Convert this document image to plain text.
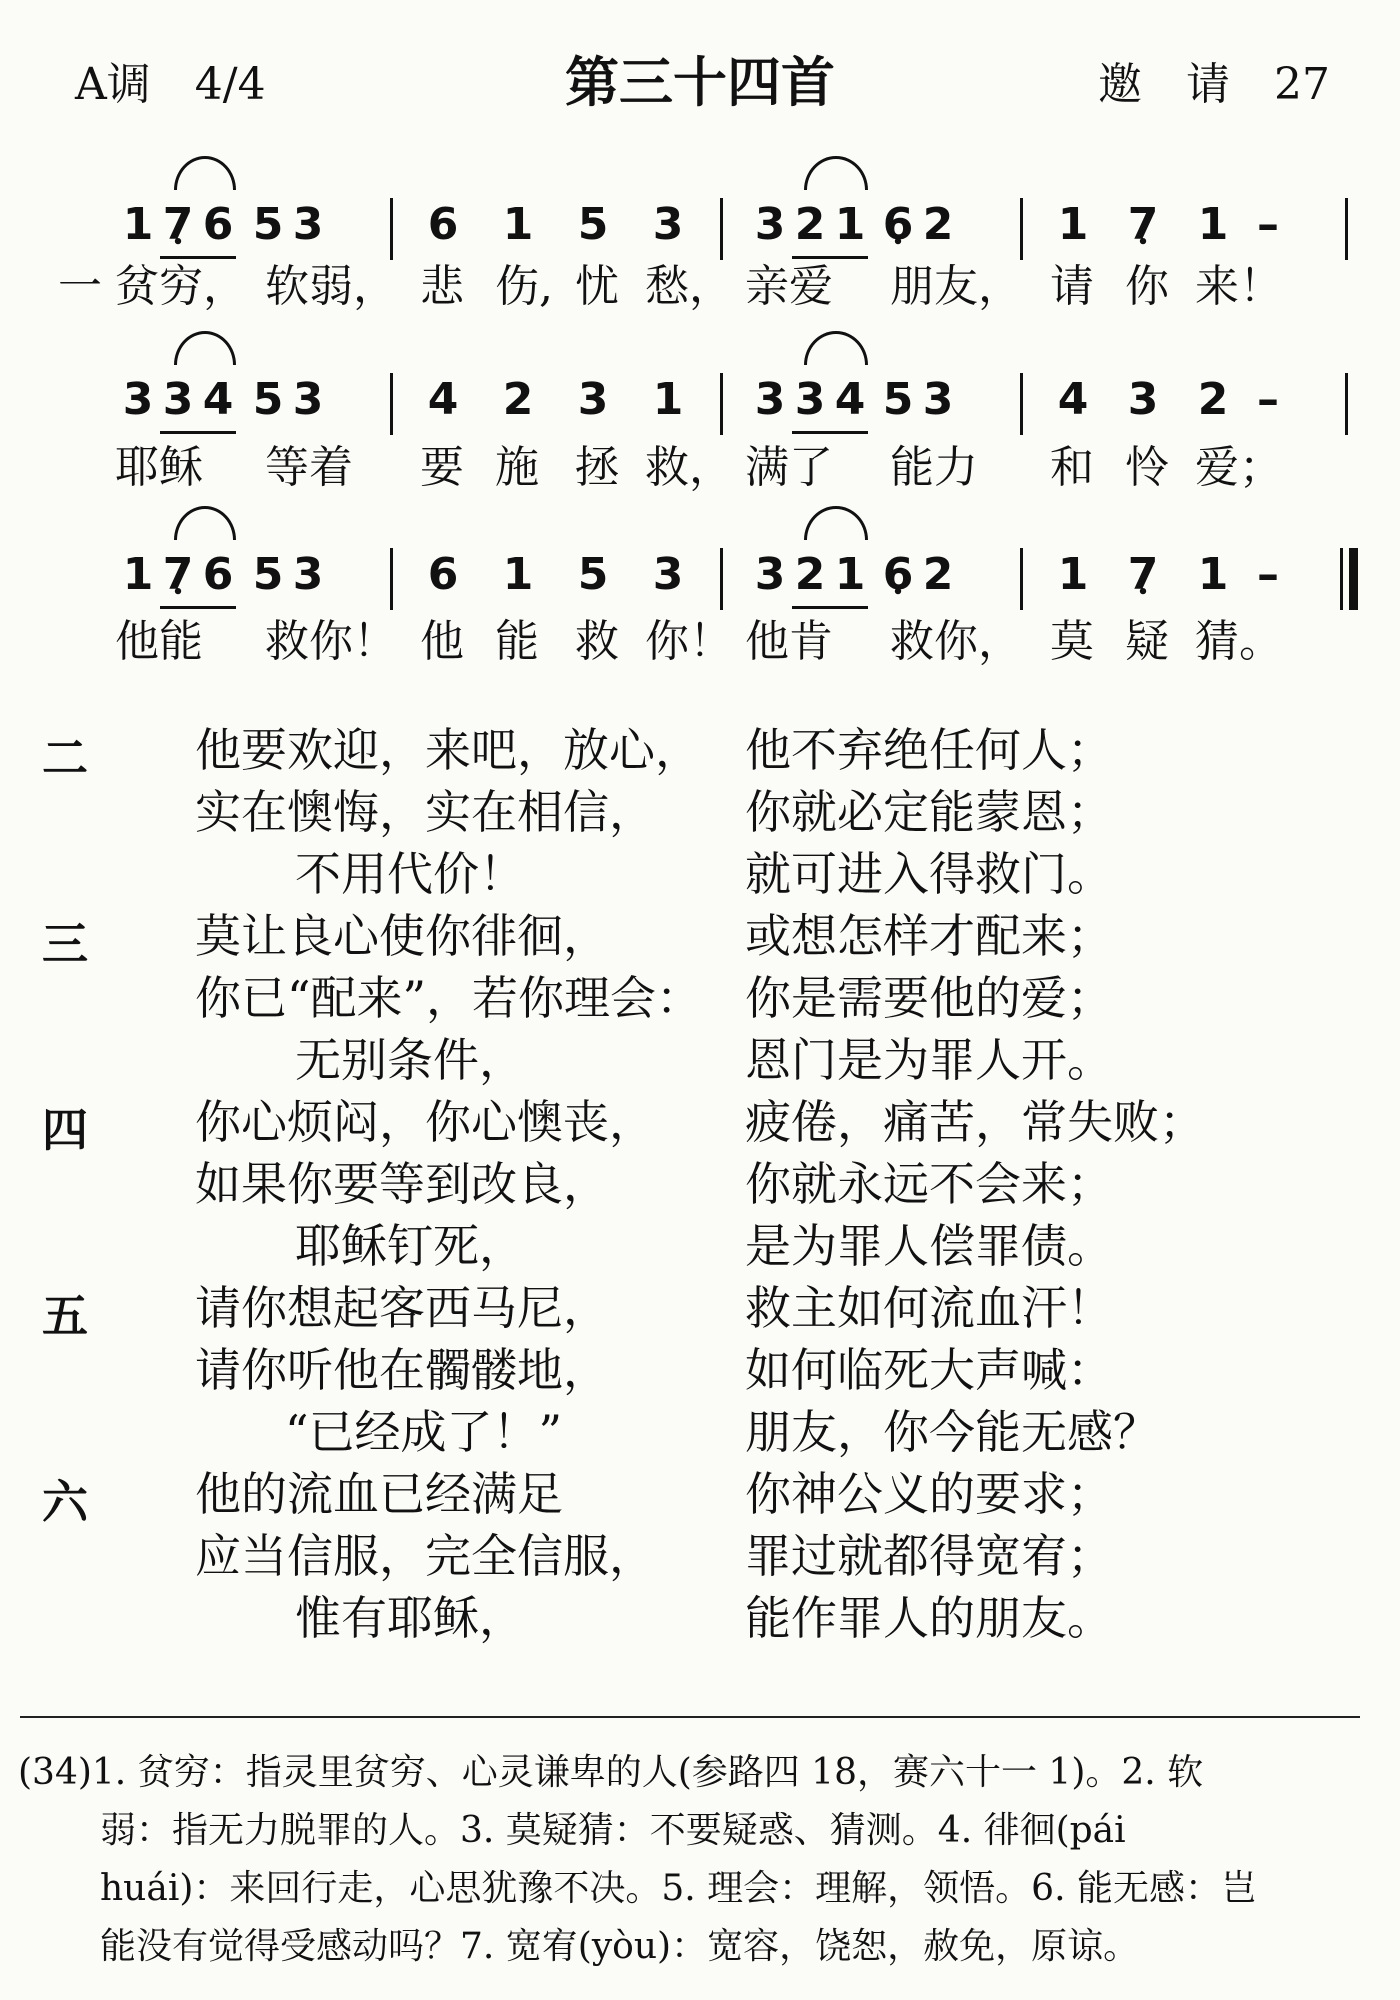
A调　4/4	第三十四首	邀　请　27
1 7 • 6 5 3 6 1 5 3 3 2 1 6 • 2 1 7 • 1 –
一 贫穷， 软弱， 悲 伤, 忧 愁， 亲爱 朋友， 请 你 来！
3 3 4 5 3 4 2 3 1 3 3 4 5 3 4 3 2 –
耶稣 等着 要 施 拯 救， 满了 能力 和 怜 爱；
1 7 • 6 5 3 6 1 5 3 3 2 1 6 • 2 1 7 • 1 –
他能 救你！ 他 能 救 你！ 他肯 救你， 莫 疑 猜。
二 他要欢迎，来吧，放心，
实在懊悔，实在相信，
不用代价！
他不弃绝任何人；
你就必定能蒙恩；
就可进入得救门。
三 莫让良心使你徘徊，
你已“配来”，若你理会：
无别条件，
或想怎样才配来；
你是需要他的爱；
恩门是为罪人开。
四 你心烦闷，你心懊丧，
如果你要等到改良，
耶稣钉死，
疲倦，痛苦，常失败；
你就永远不会来；
是为罪人偿罪债。
五 请你想起客西马尼，
请你听他在髑髅地，
“已经成了！”
救主如何流血汗！
如何临死大声喊：
朋友，你今能无感？
六 他的流血已经满足
应当信服，完全信服，
惟有耶稣，
你神公义的要求；
罪过就都得宽宥；
能作罪人的朋友。
(34)1. 贫穷：指灵里贫穷、心灵谦卑的人(参路四 18，赛六十一 1)。2. 软
弱：指无力脱罪的人。3. 莫疑猜：不要疑惑、猜测。4. 徘徊(pái
huái)：来回行走，心思犹豫不决。5. 理会：理解，领悟。6. 能无感：岂
能没有觉得受感动吗？7. 宽宥(yòu)：宽容，饶恕，赦免，原谅。
